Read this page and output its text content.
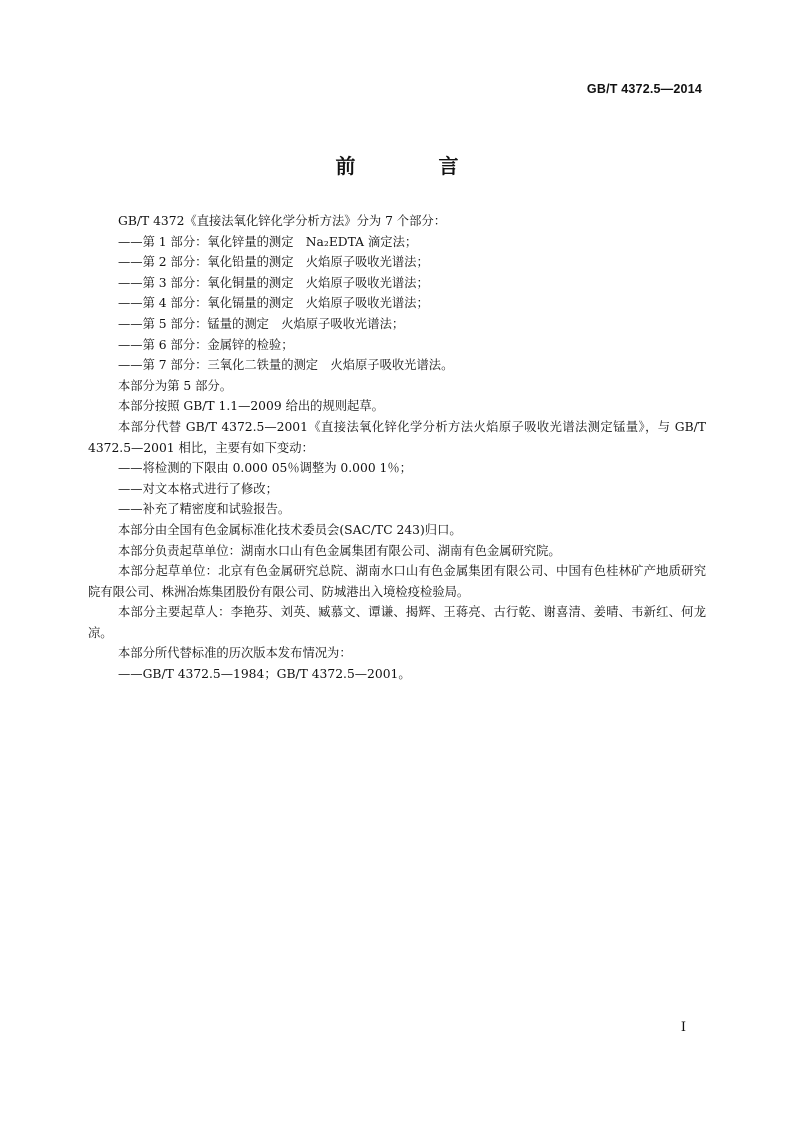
GB/T 4372.5—2014
前 言

GB/T 4372《直接法氧化锌化学分析方法》分为 7 个部分：

——第 1 部分：氧化锌量的测定　Na₂EDTA 滴定法；

——第 2 部分：氧化铅量的测定　火焰原子吸收光谱法；

——第 3 部分：氧化铜量的测定　火焰原子吸收光谱法；

——第 4 部分：氧化镉量的测定　火焰原子吸收光谱法；

——第 5 部分：锰量的测定　火焰原子吸收光谱法；

——第 6 部分：金属锌的检验；

——第 7 部分：三氧化二铁量的测定　火焰原子吸收光谱法。

本部分为第 5 部分。

本部分按照 GB/T 1.1—2009 给出的规则起草。

本部分代替 GB/T 4372.5—2001《直接法氧化锌化学分析方法火焰原子吸收光谱法测定锰量》，与 GB/T 4372.5—2001 相比，主要有如下变动：

——将检测的下限由 0.000 05％调整为 0.000 1％；

——对文本格式进行了修改；

——补充了精密度和试验报告。

本部分由全国有色金属标准化技术委员会(SAC/TC 243)归口。

本部分负责起草单位：湖南水口山有色金属集团有限公司、湖南有色金属研究院。

本部分起草单位：北京有色金属研究总院、湖南水口山有色金属集团有限公司、中国有色桂林矿产地质研究院有限公司、株洲冶炼集团股份有限公司、防城港出入境检疫检验局。

本部分主要起草人：李艳芬、刘英、臧慕文、谭谦、揭辉、王蒋亮、古行乾、谢喜清、姜晴、韦新红、何龙凉。

本部分所代替标准的历次版本发布情况为：

——GB/T 4372.5—1984；GB/T 4372.5—2001。

Ⅰ
